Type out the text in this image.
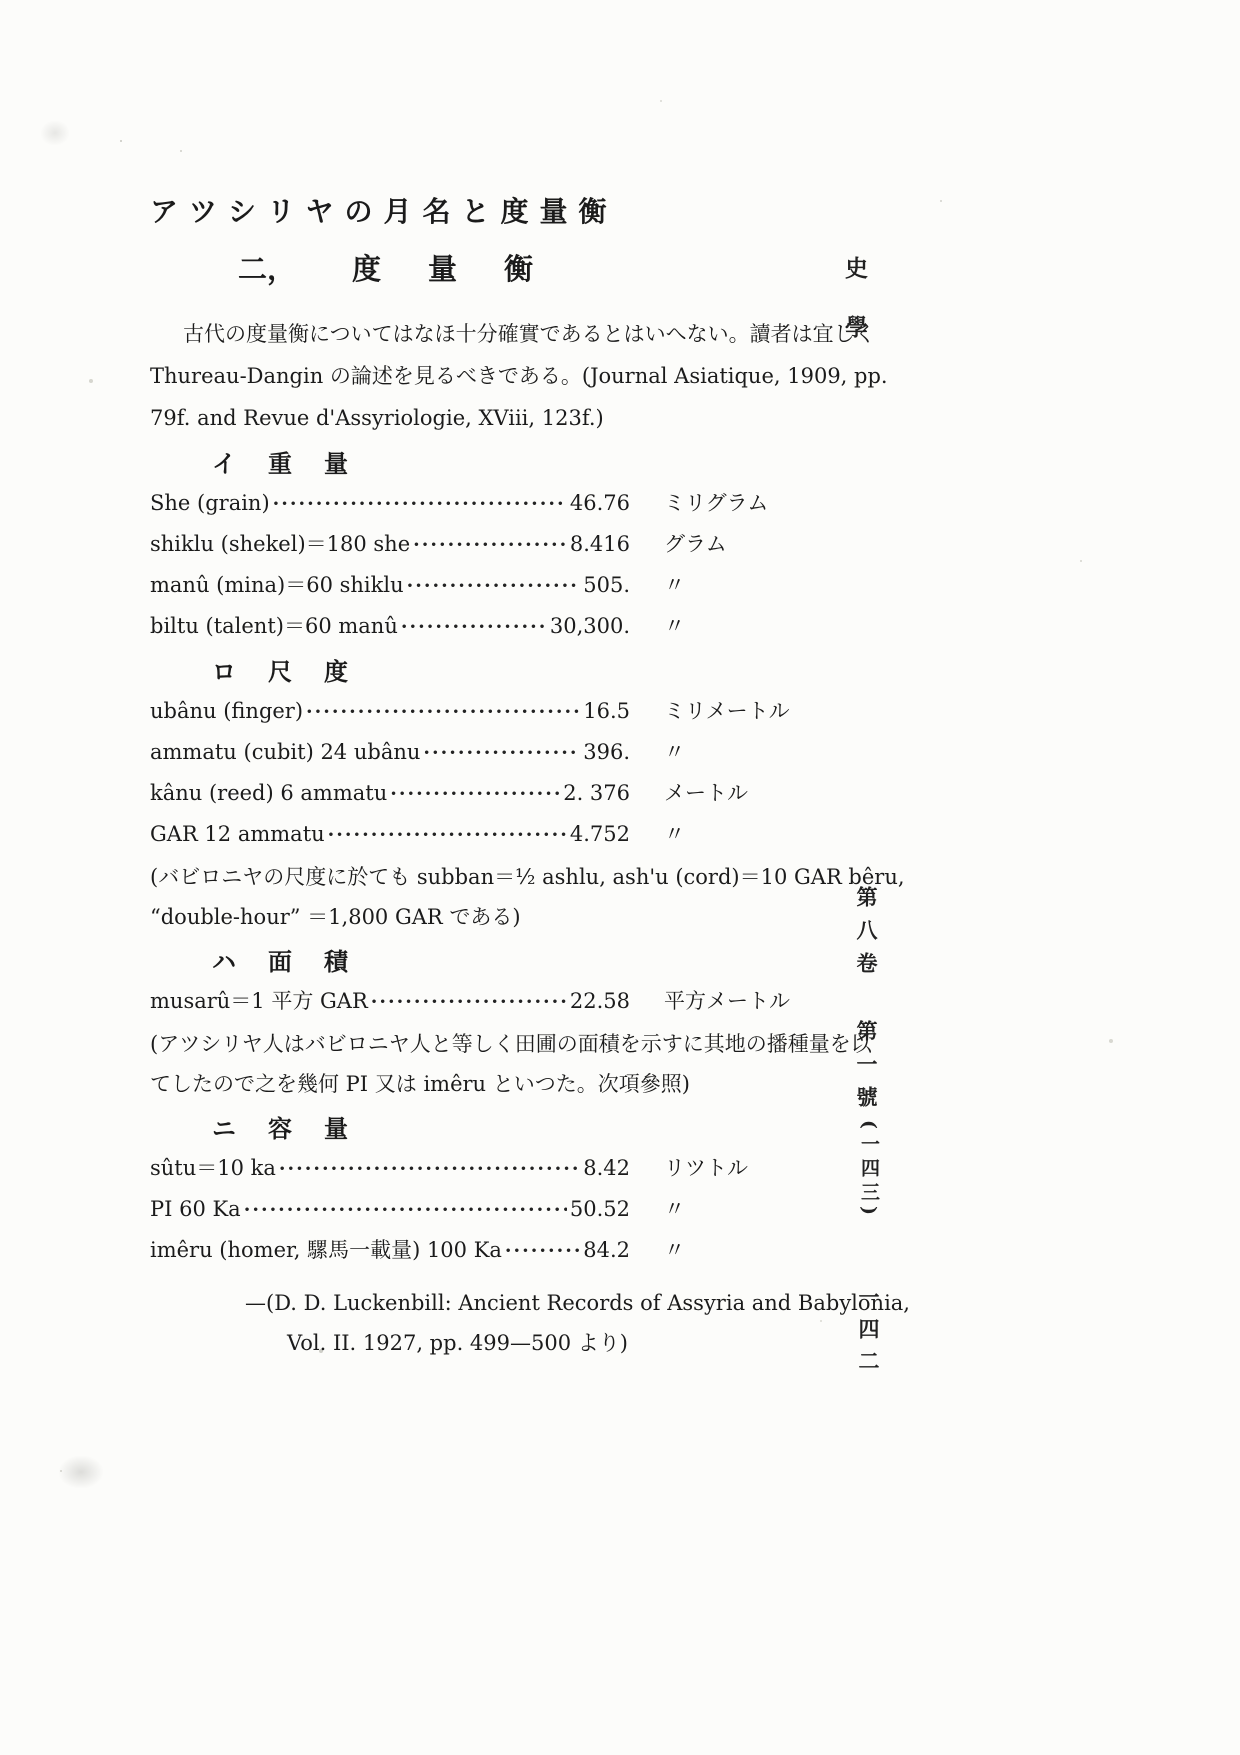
アツシリヤの月名と度量衡
二， 度　量　衡
古代の度量衡についてはなほ十分確實であるとはいへない。讀者は宜しく
Thureau-Dangin の論述を見るべきである。(Journal Asiatique, 1909, pp.
79f. and Revue d'Assyriologie, XViii, 123f.)
イ　重　量
She (grain) ·····	46.76 ミリグラム
shiklu (shekel)＝180 she ·····	8.416 グラム
manû (mina)＝60 shiklu ·····	505. 〃
biltu (talent)＝60 manû ·····	30,300. 〃
ロ　尺　度
ubânu (finger) ·····	16.5 ミリメートル
ammatu (cubit) 24 ubânu ·····	396. 〃
kânu (reed) 6 ammatu ·····	2. 376 メートル
GAR 12 ammatu ·····	4.752 〃
(バビロニヤの尺度に於ても subban＝½ ashlu, ash'u (cord)＝10 GAR bêru,
“double-hour” ＝1,800 GAR である)
ハ　面　積
musarû＝1 平方 GAR ·····	22.58 平方メートル
(アツシリヤ人はバビロニヤ人と等しく田圃の面積を示すに其地の播種量を以
てしたので之を幾何 PI 又は imêru といつた。次項參照)
ニ　容　量
sûtu＝10 ka ·····	8.42 リツトル
PI 60 Ka ·····	50.52 〃
imêru (homer, 騾馬一載量) 100 Ka ·····	84.2 〃
—(D. D. Luckenbill: Ancient Records of Assyria and Babylonia,
Vol. II. 1927, pp. 499—500 より)
史學
第八卷
第一號
(一四三)
一四二
